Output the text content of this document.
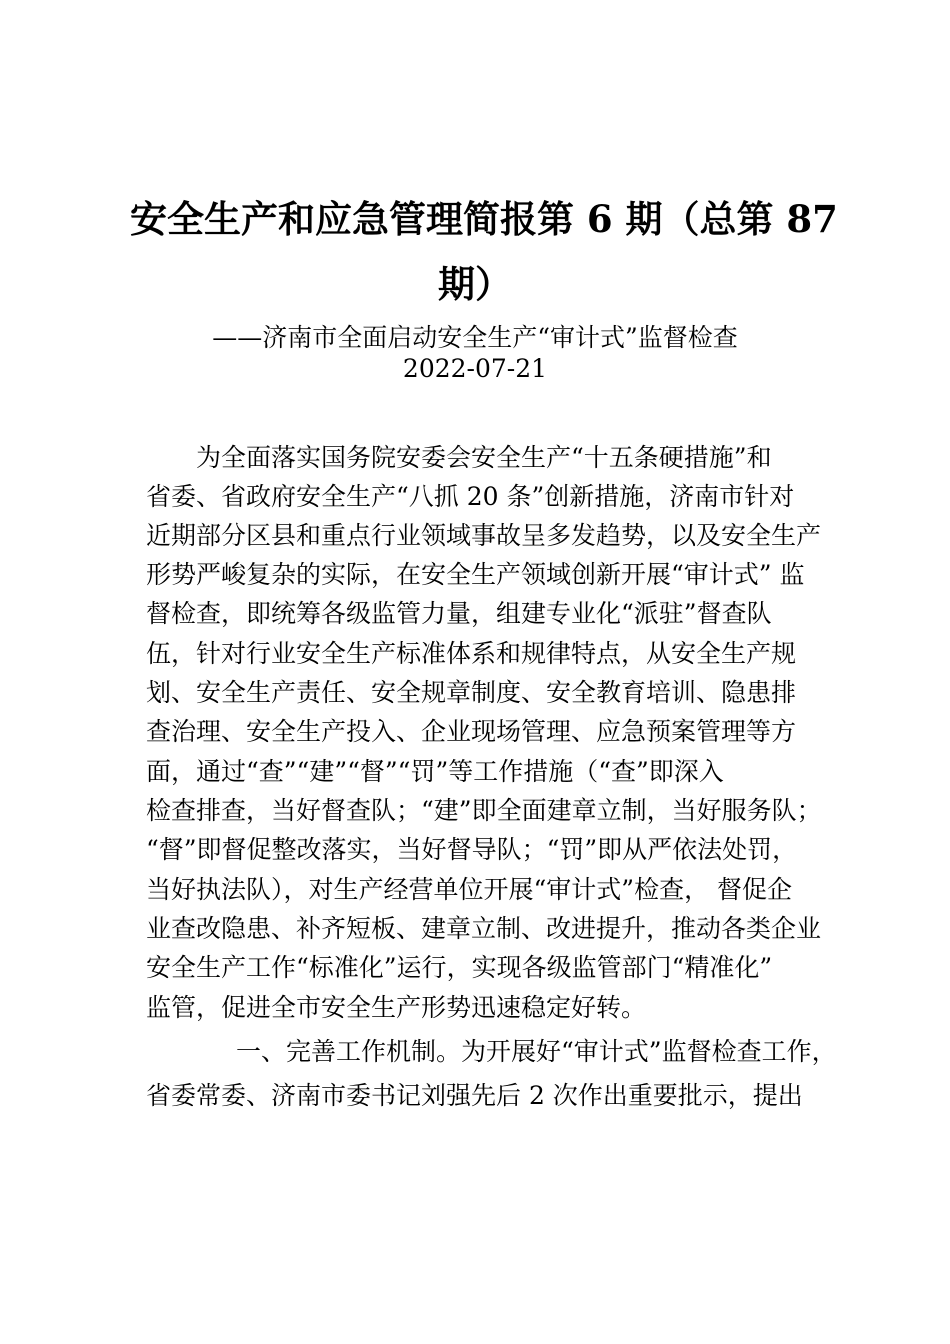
安全生产和应急管理简报第 6 期（总第 87
期）
——济南市全面启动安全生产“审计式”监督检查
2022-07-21
为全面落实国务院安委会安全生产“十五条硬措施”和
省委、省政府安全生产“八抓 20 条”创新措施，济南市针对
近期部分区县和重点行业领域事故呈多发趋势，以及安全生产
形势严峻复杂的实际，在安全生产领域创新开展“审计式” 监
督检查，即统筹各级监管力量，组建专业化“派驻”督查队
伍，针对行业安全生产标准体系和规律特点，从安全生产规
划、安全生产责任、安全规章制度、安全教育培训、隐患排
查治理、安全生产投入、企业现场管理、应急预案管理等方
面，通过“查”“建”“督”“罚”等工作措施（“查”即深入
检查排查，当好督查队；“建”即全面建章立制，当好服务队；
“督”即督促整改落实，当好督导队；“罚”即从严依法处罚，
当好执法队），对生产经营单位开展“审计式”检查， 督促企
业查改隐患、补齐短板、建章立制、改进提升，推动各类企业
安全生产工作“标准化”运行，实现各级监管部门“精准化”
监管，促进全市安全生产形势迅速稳定好转。
一、完善工作机制。为开展好“审计式”监督检查工作，
省委常委、济南市委书记刘强先后 2 次作出重要批示，提出
